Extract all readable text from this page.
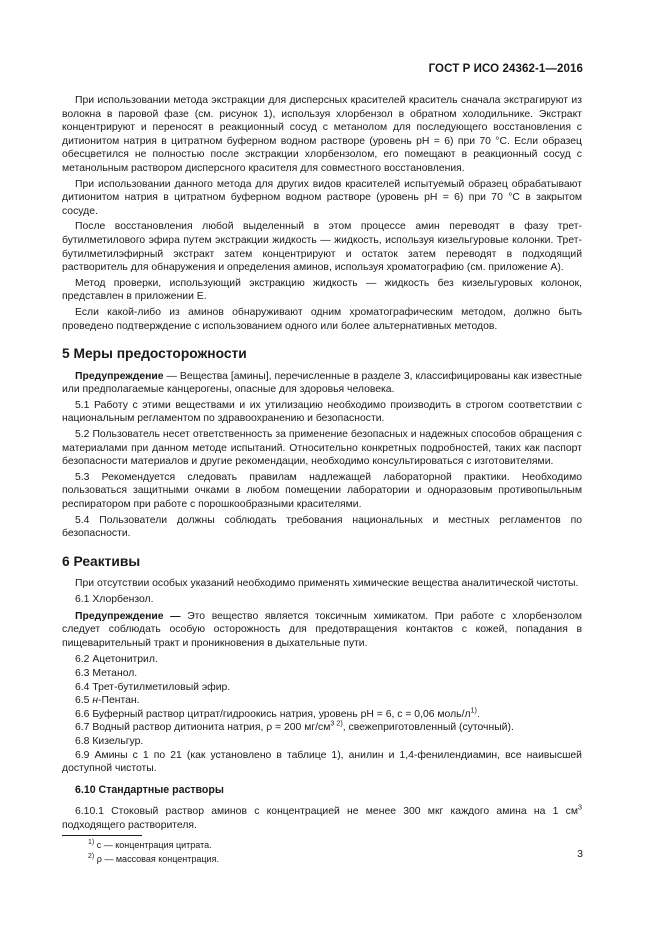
ГОСТ Р ИСО 24362-1—2016

При использовании метода экстракции для дисперсных красителей краситель сначала экстрагируют из волокна в паровой фазе (см. рисунок 1), используя хлорбензол в обратном холодильнике. Экстракт концентрируют и переносят в реакционный сосуд с метанолом для последующего восстановления с дитионитом натрия в цитратном буферном водном растворе (уровень pH = 6) при 70 °С. Если образец обесцветился не полностью после экстракции хлорбензолом, его помещают в реакционный сосуд с метанольным раствором дисперсного красителя для совместного восстановления.

При использовании данного метода для других видов красителей испытуемый образец обрабатывают дитионитом натрия в цитратном буферном водном растворе (уровень pH = 6) при 70 °С в закрытом сосуде.

После восстановления любой выделенный в этом процессе амин переводят в фазу трет-бутилметилового эфира путем экстракции жидкость — жидкость, используя кизельгуровые колонки. Трет-бутилметилэфирный экстракт затем концентрируют и остаток затем переводят в подходящий растворитель для обнаружения и определения аминов, используя хроматографию (см. приложение А).

Метод проверки, использующий экстракцию жидкость — жидкость без кизельгуровых колонок, представлен в приложении Е.

Если какой-либо из аминов обнаруживают одним хроматографическим методом, должно быть проведено подтверждение с использованием одного или более альтернативных методов.

5 Меры предосторожности

Предупреждение — Вещества [амины], перечисленные в разделе 3, классифицированы как известные или предполагаемые канцерогены, опасные для здоровья человека.

5.1 Работу с этими веществами и их утилизацию необходимо производить в строгом соответствии с национальным регламентом по здравоохранению и безопасности.

5.2 Пользователь несет ответственность за применение безопасных и надежных способов обращения с материалами при данном методе испытаний. Относительно конкретных подробностей, таких как паспорт безопасности материалов и другие рекомендации, необходимо консультироваться с изготовителями.

5.3 Рекомендуется следовать правилам надлежащей лабораторной практики. Необходимо пользоваться защитными очками в любом помещении лаборатории и одноразовым противопыльным респиратором при работе с порошкообразными красителями.

5.4 Пользователи должны соблюдать требования национальных и местных регламентов по безопасности.

6 Реактивы

При отсутствии особых указаний необходимо применять химические вещества аналитической чистоты.

6.1 Хлорбензол.

Предупреждение — Это вещество является токсичным химикатом. При работе с хлорбензолом следует соблюдать особую осторожность для предотвращения контактов с кожей, попадания в пищеварительный тракт и проникновения в дыхательные пути.

6.2 Ацетонитрил.

6.3 Метанол.

6.4 Трет-бутилметиловый эфир.

6.5 н-Пентан.

6.6 Буферный раствор цитрат/гидроокись натрия, уровень pH = 6, с = 0,06 моль/$л^{1)}$.

6.7 Водный раствор дитионита натрия, ρ = 200 $мг/см^{3 2)}$, свежеприготовленный (суточный).

6.8 Кизельгур.

6.9 Амины с 1 по 21 (как установлено в таблице 1), анилин и 1,4-фенилендиамин, все наивысшей доступной чистоты.

6.10 Стандартные растворы

6.10.1 Стоковый раствор аминов с концентрацией не менее 300 мкг каждого амина на 1 $см^3$ подходящего растворителя.

$^{1)}$ с — концентрация цитрата.

$^{2)}$ ρ — массовая концентрация.	3
